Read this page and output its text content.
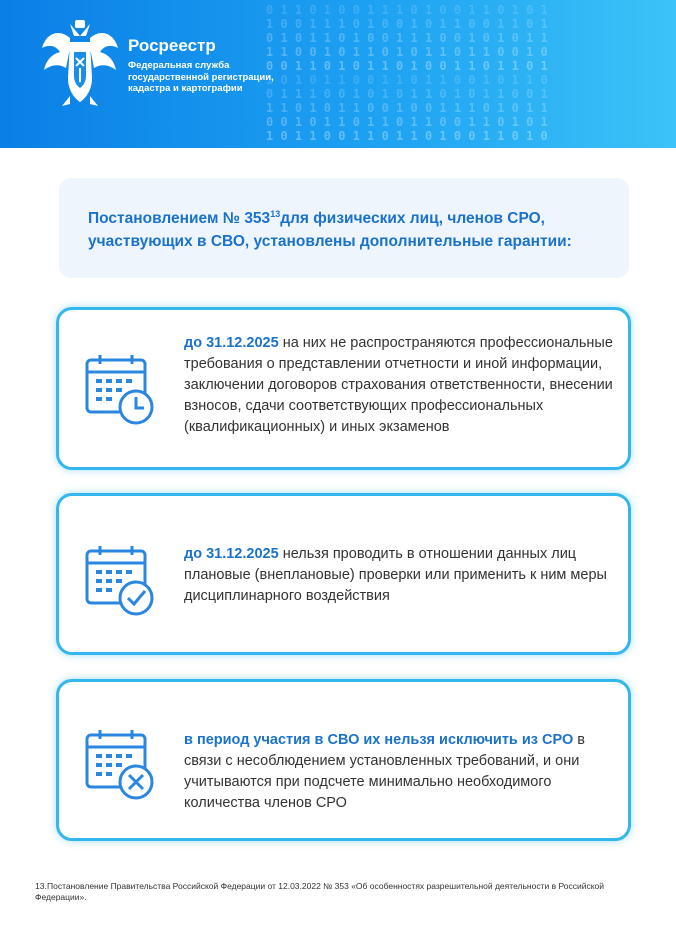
0 1 1 0 1 0 0 1 1 1 0 1 0 0 1 1 0 1 0 1
1 0 0 1 1 1 0 1 0 0 1 0 1 1 0 0 1 1 0 1
0 1 0 1 1 0 1 0 0 1 1 1 0 0 1 0 1 0 1 1
1 1 0 0 1 0 1 1 0 1 0 1 1 0 1 1 0 0 1 0
0 0 1 1 0 1 0 1 1 0 1 0 0 1 1 0 1 1 0 1
1 0 1 0 1 1 0 0 1 1 0 1 1 0 0 1 0 1 1 0
0 1 1 1 0 0 1 0 1 0 1 1 0 1 0 1 1 0 0 1
1 1 0 1 0 1 1 0 0 1 0 0 1 1 1 0 1 0 1 1
0 0 1 0 1 1 0 1 1 0 1 1 0 0 1 1 0 1 0 1
1 0 1 1 0 0 1 1 0 1 1 0 1 0 0 1 1 0 1 0
Росреестр
Федеральная служба государственной регистрации, кадастра и картографии
Постановлением № $353^{13}для$ физических лиц, членов СРО, участвующих в СВО, установлены дополнительные гарантии:
до 31.12.2025 на них не распространяются профессиональные требования о представлении отчетности и иной информации, заключении договоров страхования ответственности, внесении взносов, сдачи соответствующих профессиональных (квалификационных) и иных экзаменов
до 31.12.2025 нельзя проводить в отношении данных лиц плановые (внеплановые) проверки или применить к ним меры дисциплинарного воздействия
в период участия в СВО их нельзя исключить из СРО в связи с несоблюдением установленных требований, и они учитываются при подсчете минимально необходимого количества членов СРО
13.Постановление Правительства Российской Федерации от 12.03.2022 № 353 «Об особенностях разрешительной деятельности в Российской Федерации».
